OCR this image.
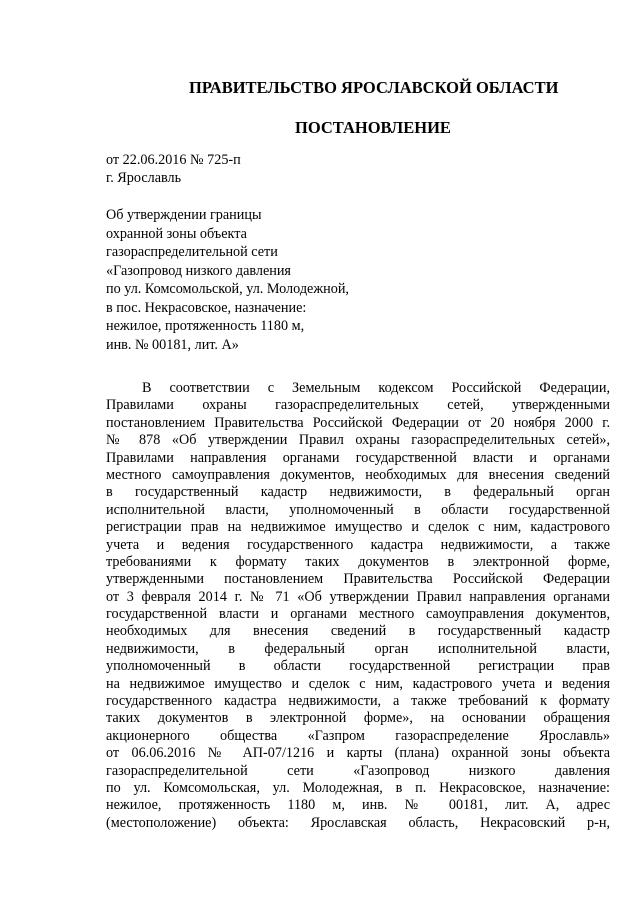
ПРАВИТЕЛЬСТВО ЯРОСЛАВСКОЙ ОБЛАСТИ
ПОСТАНОВЛЕНИЕ
от 22.06.2016 № 725-п
г. Ярославль
Об утверждении границы
охранной зоны объекта
газораспределительной сети
«Газопровод низкого давления
по ул. Комсомольской, ул. Молодежной,
в пос. Некрасовское, назначение:
нежилое, протяженность 1180 м,
инв. № 00181, лит. А»
В соответствии с Земельным кодексом Российской Федерации,
Правилами охраны газораспределительных сетей, утвержденными
постановлением Правительства Российской Федерации от 20 ноября 2000 г.
№ 878 «Об утверждении Правил охраны газораспределительных сетей»,
Правилами направления органами государственной власти и органами
местного самоуправления документов, необходимых для внесения сведений
в государственный кадастр недвижимости, в федеральный орган
исполнительной власти, уполномоченный в области государственной
регистрации прав на недвижимое имущество и сделок с ним, кадастрового
учета и ведения государственного кадастра недвижимости, а также
требованиями к формату таких документов в электронной форме,
утвержденными постановлением Правительства Российской Федерации
от 3 февраля 2014 г. № 71 «Об утверждении Правил направления органами
государственной власти и органами местного самоуправления документов,
необходимых для внесения сведений в государственный кадастр
недвижимости, в федеральный орган исполнительной власти,
уполномоченный в области государственной регистрации прав
на недвижимое имущество и сделок с ним, кадастрового учета и ведения
государственного кадастра недвижимости, а также требований к формату
таких документов в электронной форме», на основании обращения
акционерного общества «Газпром газораспределение Ярославль»
от 06.06.2016 № АП-07/1216 и карты (плана) охранной зоны объекта
газораспределительной сети «Газопровод низкого давления
по ул. Комсомольская, ул. Молодежная, в п. Некрасовское, назначение:
нежилое, протяженность 1180 м, инв. № 00181, лит. А, адрес
(местоположение) объекта: Ярославская область, Некрасовский р-н,
